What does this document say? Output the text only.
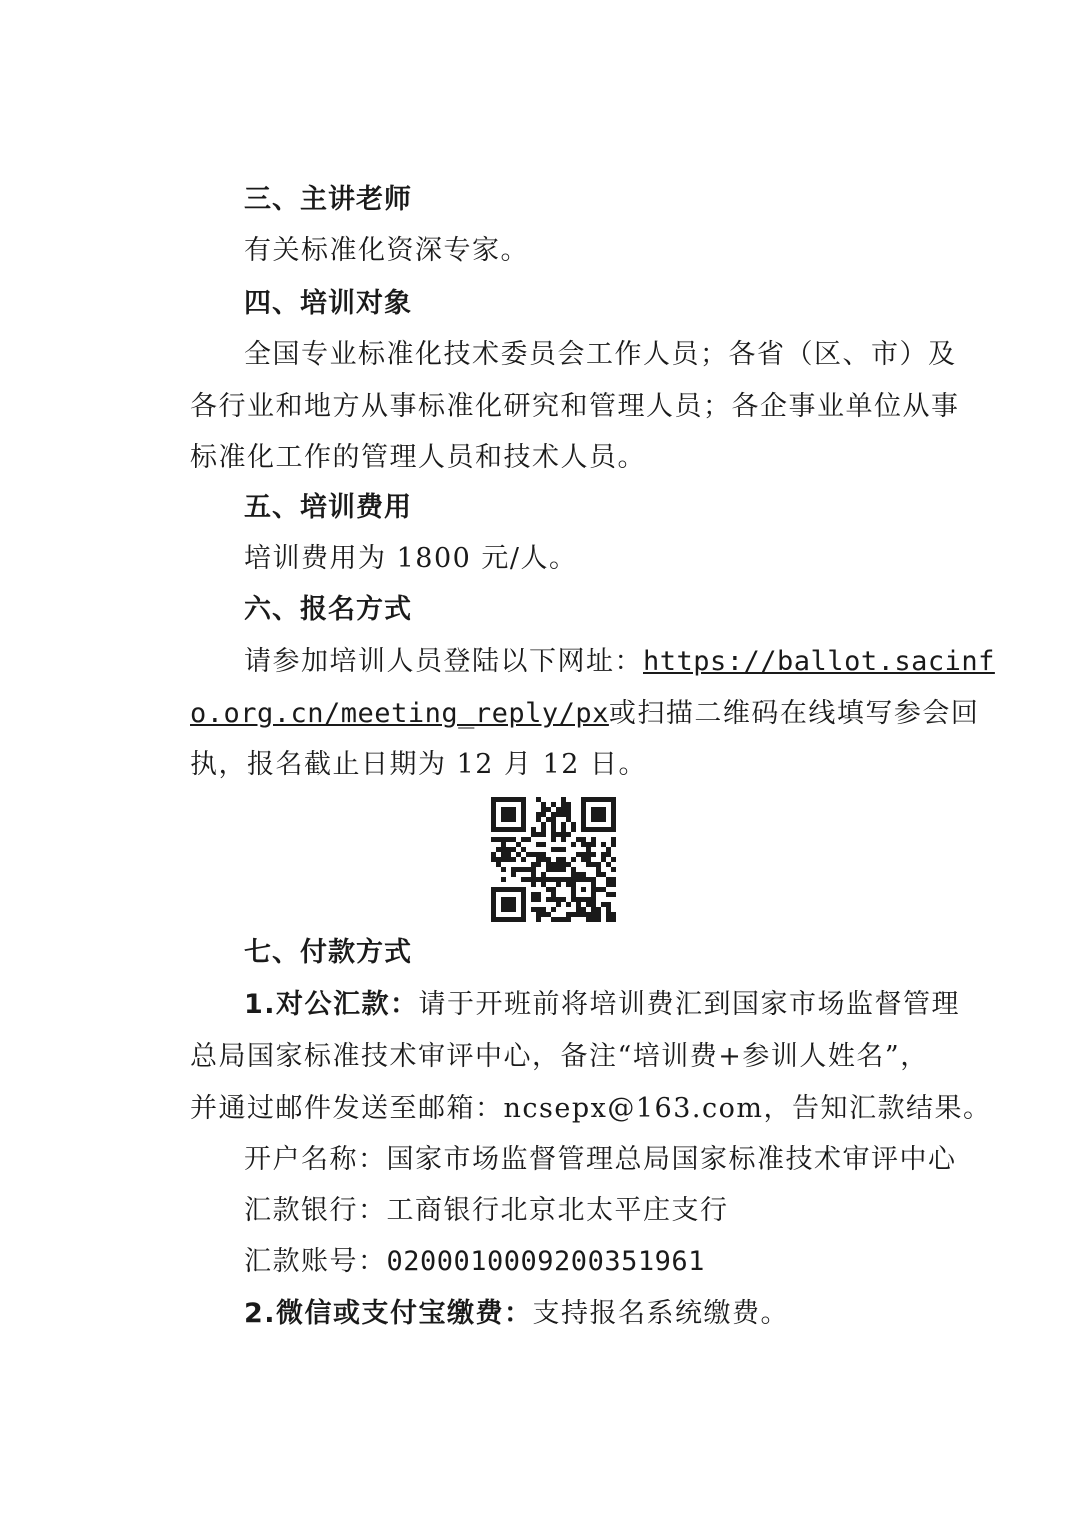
三、主讲老师
有关标准化资深专家。
四、培训对象
全国专业标准化技术委员会工作人员；各省（区、市）及
各行业和地方从事标准化研究和管理人员；各企事业单位从事
标准化工作的管理人员和技术人员。
五、培训费用
培训费用为 1800 元/人。
六、报名方式
请参加培训人员登陆以下网址：https://ballot.sacinf
o.org.cn/meeting_reply/px或扫描二维码在线填写参会回
执，报名截止日期为 12 月 12 日。
七、付款方式
1.对公汇款：请于开班前将培训费汇到国家市场监督管理
总局国家标准技术审评中心，备注“培训费+参训人姓名”，
并通过邮件发送至邮箱：ncsepx@163.com，告知汇款结果。
开户名称：国家市场监督管理总局国家标准技术审评中心
汇款银行：工商银行北京北太平庄支行
汇款账号：0200010009200351961
2.微信或支付宝缴费：支持报名系统缴费。
